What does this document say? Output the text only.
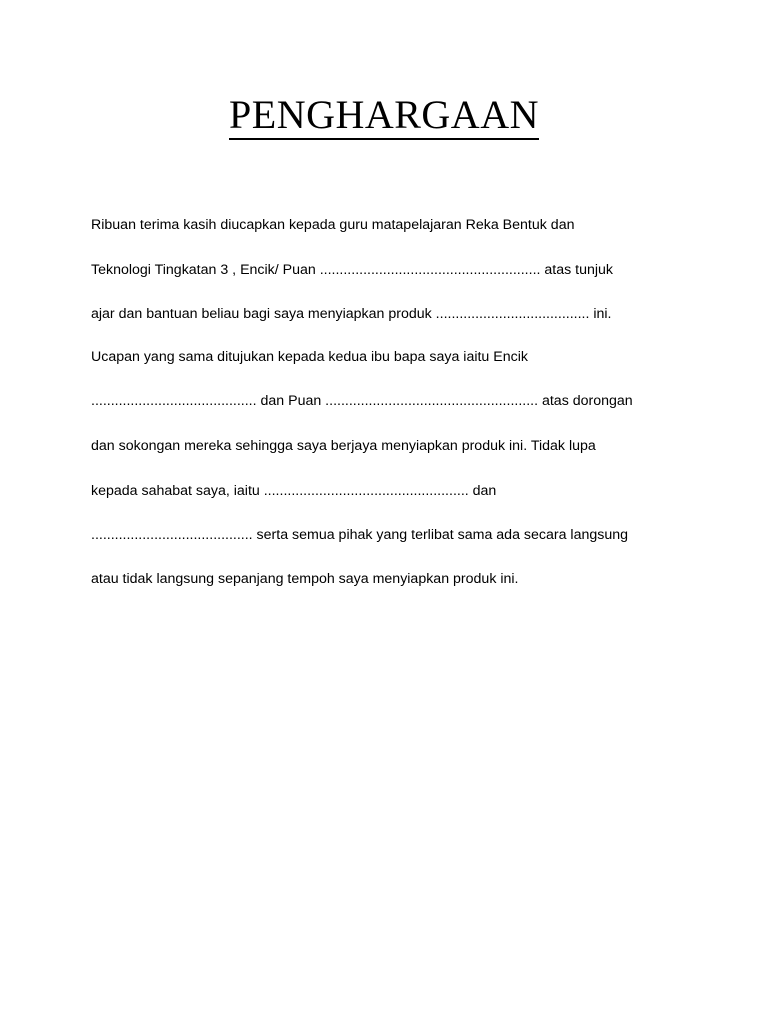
PENGHARGAAN

Ribuan terima kasih diucapkan kepada guru matapelajaran Reka Bentuk dan

Teknologi Tingkatan 3 , Encik/ Puan ........................................................ atas tunjuk

ajar dan bantuan beliau bagi saya menyiapkan produk ....................................... ini.

Ucapan yang sama ditujukan kepada kedua ibu bapa saya iaitu Encik

.......................................... dan Puan ...................................................... atas dorongan

dan sokongan mereka sehingga saya berjaya menyiapkan produk ini. Tidak lupa

kepada sahabat saya, iaitu .................................................... dan

......................................... serta semua pihak yang terlibat sama ada secara langsung

atau tidak langsung sepanjang tempoh saya menyiapkan produk ini.
